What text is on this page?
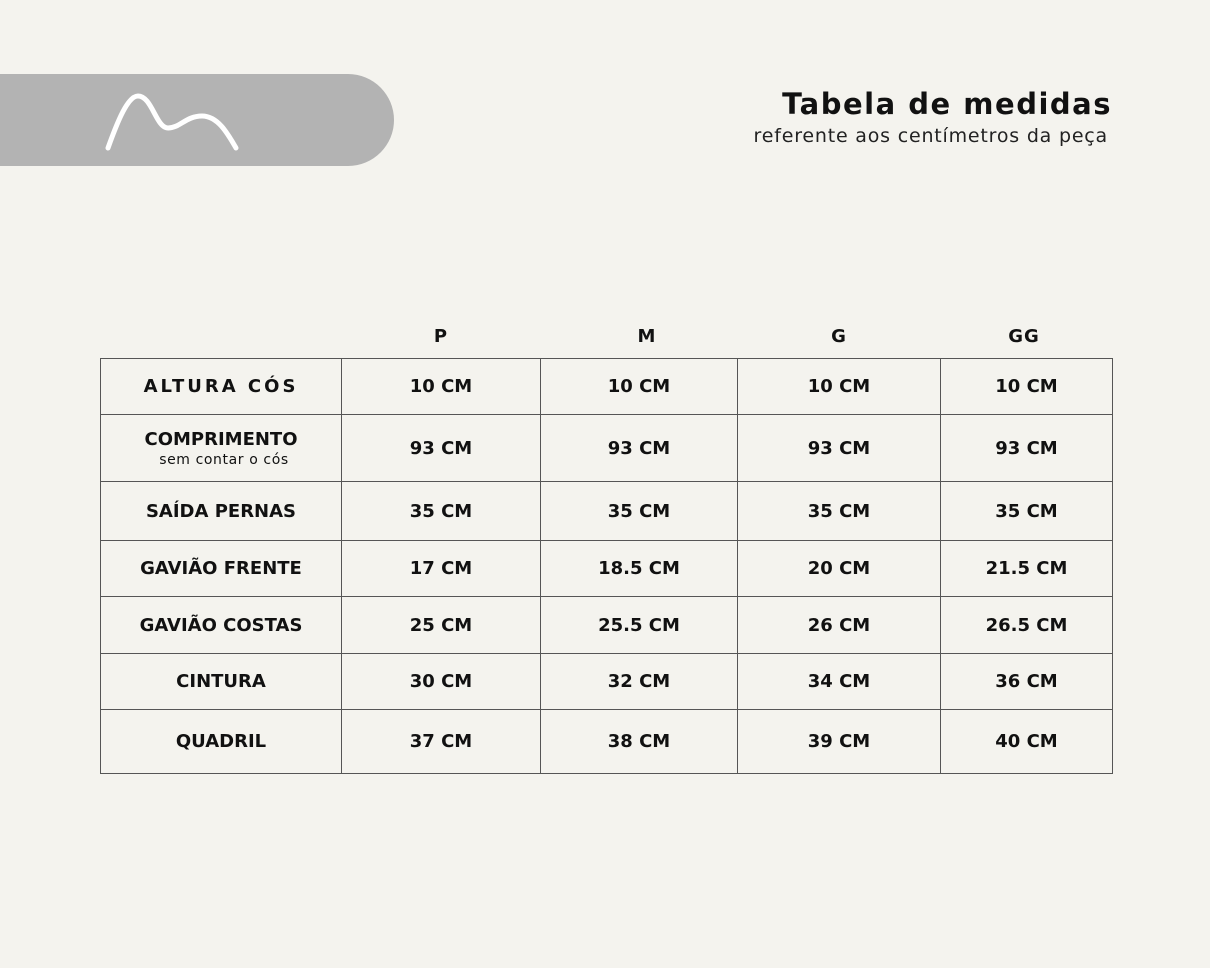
Tabela de medidas
referente aos centímetros da peça
P	M	G	GG
ALTURA CÓS	10 CM	10 CM	10 CM	10 CM
COMPRIMENTO
sem contar o cós	93 CM	93 CM	93 CM	93 CM
SAÍDA PERNAS	35 CM	35 CM	35 CM	35 CM
GAVIÃO FRENTE	17 CM	18.5 CM	20 CM	21.5 CM
GAVIÃO COSTAS	25 CM	25.5 CM	26 CM	26.5 CM
CINTURA	30 CM	32 CM	34 CM	36 CM
QUADRIL	37 CM	38 CM	39 CM	40 CM
